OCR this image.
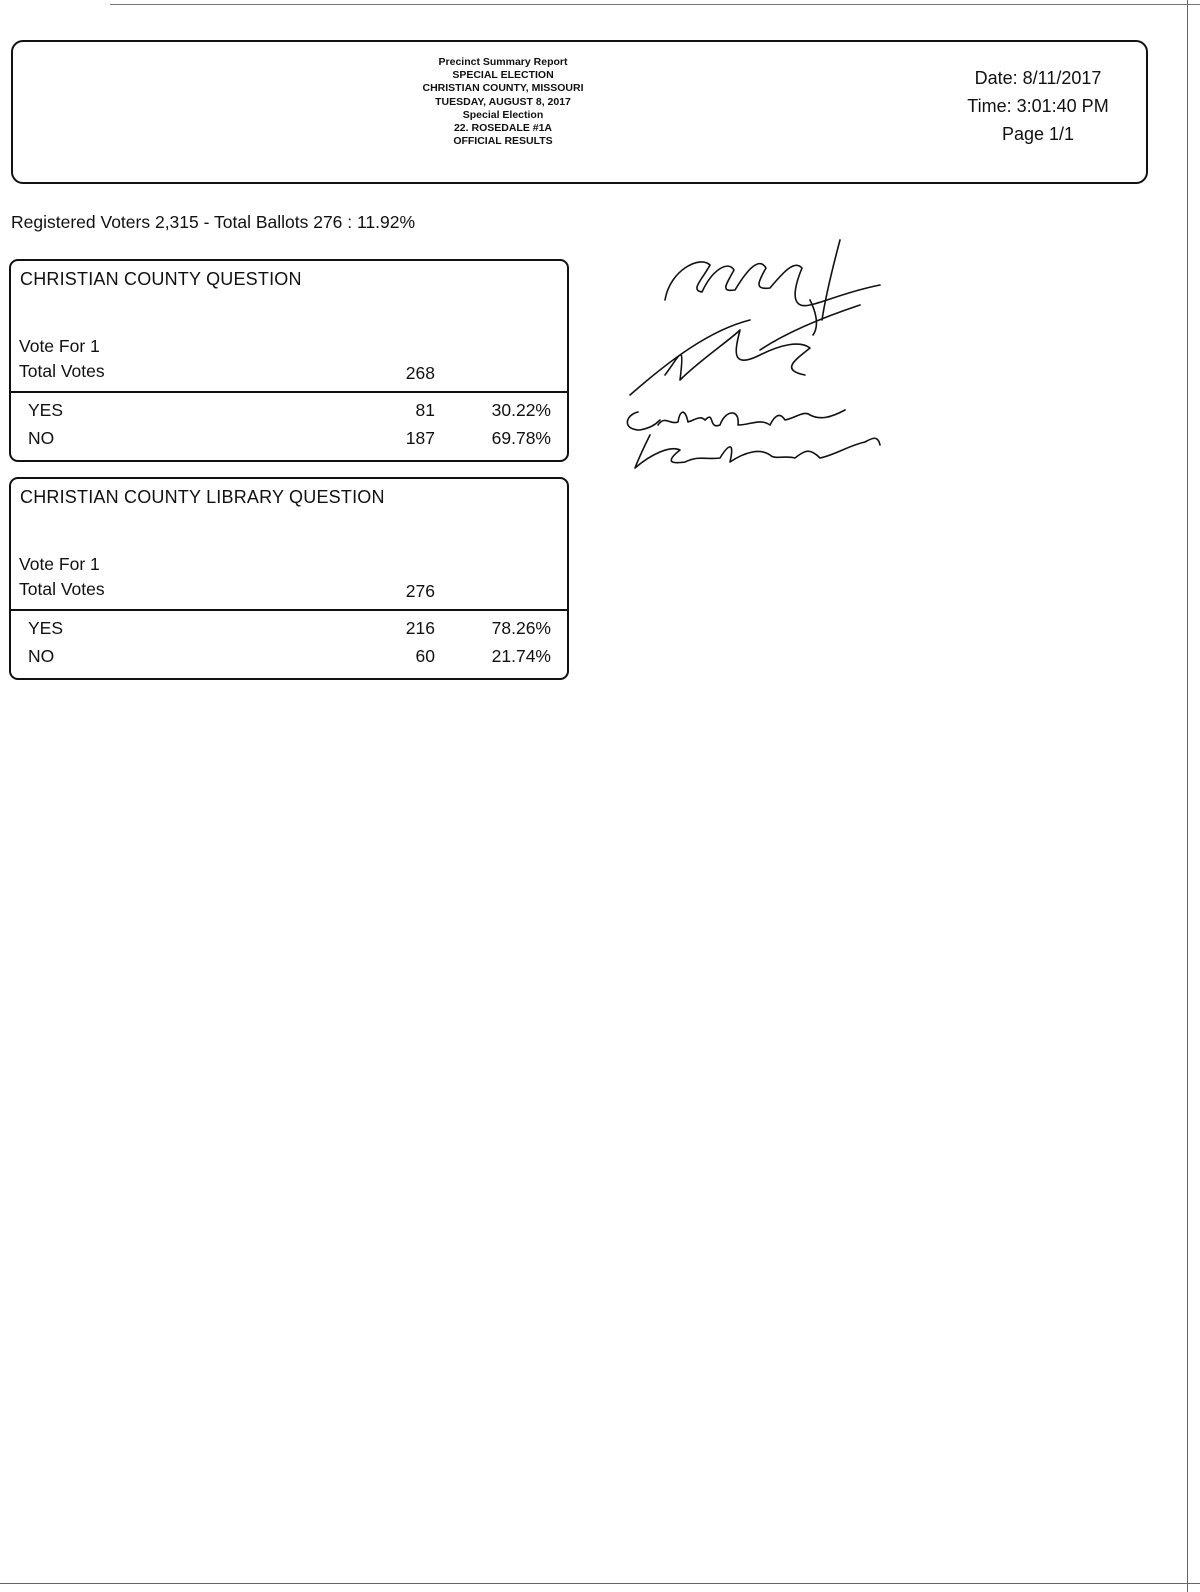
Precinct Summary Report
SPECIAL ELECTION
CHRISTIAN COUNTY, MISSOURI
TUESDAY, AUGUST 8, 2017
Special Election
22. ROSEDALE #1A
OFFICIAL RESULTS
Date: 8/11/2017
Time: 3:01:40 PM
Page 1/1
Registered Voters 2,315 - Total Ballots 276 : 11.92%
CHRISTIAN COUNTY QUESTION
Vote For 1
Total Votes	268
YES	81	30.22%
NO	187	69.78%
CHRISTIAN COUNTY LIBRARY QUESTION
Vote For 1
Total Votes	276
YES	216	78.26%
NO	60	21.74%
